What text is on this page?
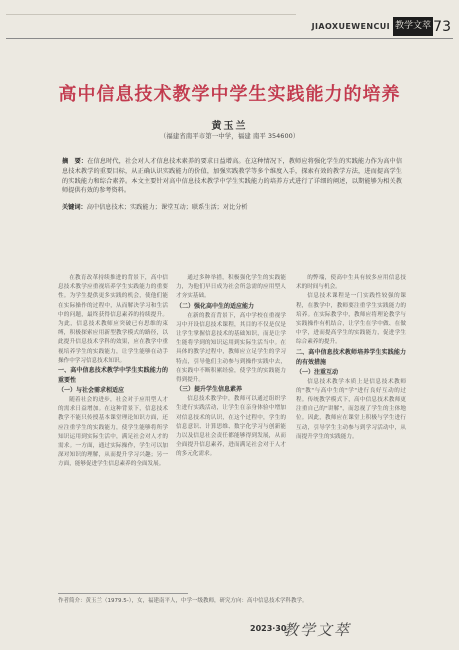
JIAOXUEWENCUI 教学文萃 73
高中信息技术教学中学生实践能力的培养
黄玉兰
（福建省南平市第一中学，福建 南平 354600）
摘　要：在信息时代，社会对人才信息技术素养的要求日益增高。在这种情况下，教师应将强化学生的实践能力作为高中信息技术教学的重要目标，从正确认识实践能力的价值，加强实践教学等多个维度入手，探索有效的教学方法，进而提高学生的实践能力和综合素养。本文主要针对高中信息技术教学中学生实践能力的培养方式进行了详细的阐述，以期能够为相关教师提供有效的参考资料。
关键词：高中信息技术；实践能力；课堂互动；联系生活；对比分析

在教育改革持续推进的背景下，高中信息技术教学应重视培养学生实践能力的重要性。为学生提供更多实践的机会，使他们能在实际操作的过程中，从而解决学习和生活中的问题，最终获得信息素养的持续提升。为此，信息技术教师应突破已有思维的束缚，积极探索应用新型教学模式的路径，以此提升信息技术学科的效果，应在教学中重视培养学生的实践能力，让学生能够在动手操作中学习信息技术知识。

一、高中信息技术教学中学生实践能力的重要性
（一）与社会需求相适应

随着社会的进步，社会对于应用型人才的需求日益增加。在这种背景下，信息技术教学不能只传授基本课堂理论知识方面，还应注重学生的实践能力，使学生能够将所学知识运用到实际生活中，满足社会对人才的需求。一方面，通过实际操作，学生可以加深对知识的理解，从而提升学习兴趣；另一方面，能够促进学生信息素养的全面发展。

通过多种举措，积极强化学生的实践能力，为他们早日成为社会所急需的应用型人才夯实基础。

（二）强化高中生的适应能力

在新的教育背景下，高中学校在重视学习中开设信息技术课程，其目的不仅是仅是让学生掌握信息技术的基础知识，而是让学生能将学到的知识运用到实际生活当中。在具体的教学过程中，教师应立足学生的学习特点，引导他们主动参与到操作实践中去，在实践中不断积累经验，使学生的实践能力得到提升。

（三）提升学生信息素养

信息技术教学中，教师可以通过组织学生进行实践活动，让学生在亲身体验中增加对信息技术的认识，在这个过程中，学生的信息意识、计算思维、数字化学习与创新能力以及信息社会责任都能够得到发展，从而全面提升信息素养，进而满足社会对于人才的多元化需求。

的弊端，使高中生具有较多应用信息技术的时间与机会。

信息技术课程是一门实践性较强的课程，在教学中，教师要注重学生实践能力的培养。在实际教学中，教师应将理论教学与实践操作有机结合，让学生在学中做、在做中学，进而提高学生的实践能力，促进学生综合素养的提升。

二、高中信息技术教师培养学生实践能力的有效措施
（一）注重互动

信息技术教学本质上是信息技术教师的"教"与高中生的"学"进行良好互动的过程。传统教学模式下，高中信息技术教师更注重自己的"讲解"，而忽视了学生的主体地位。因此，教师应在课堂上积极与学生进行互动，引导学生主动参与到学习活动中，从而提升学生的实践能力。

作者简介：黄玉兰（1979.5-），女，福建南平人，中学一级教师，研究方向：高中信息技术学科教学。
2023·30
教学文萃
